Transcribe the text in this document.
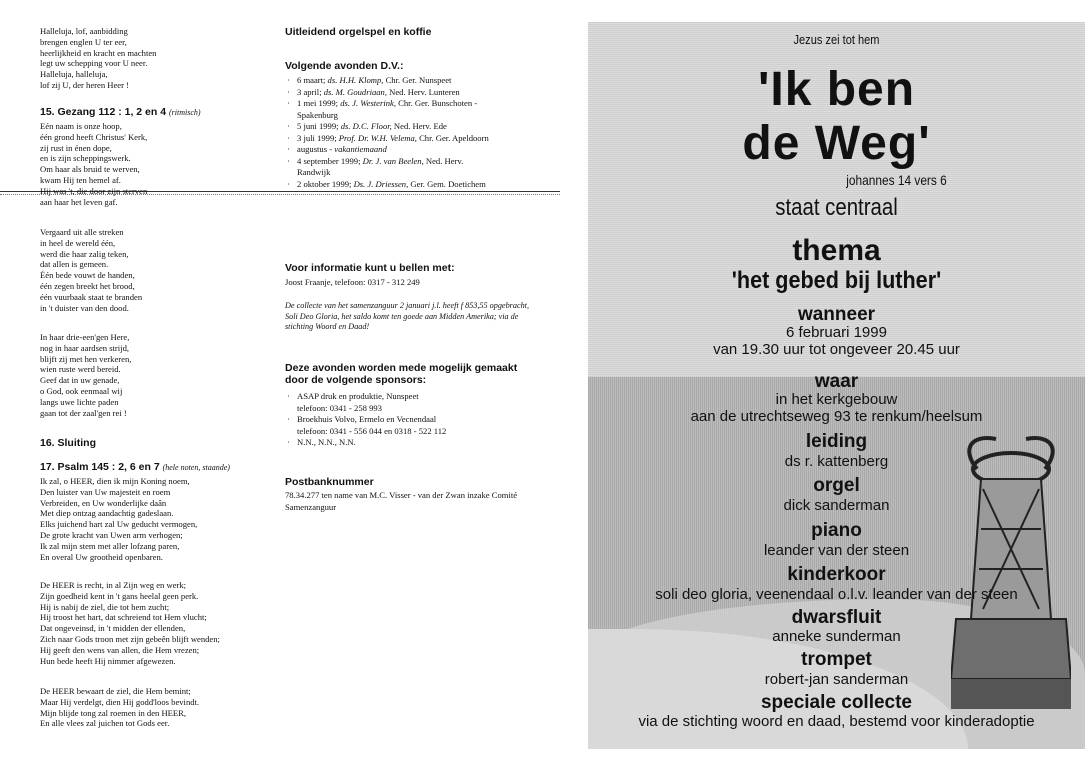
Halleluja, lof, aanbidding
brengen englen U ter eer,
heerlijkheid en kracht en machten
legt uw schepping voor U neer.
Halleluja, halleluja,
lof zij U, der heren Heer !

15. Gezang 112 : 1, 2 en 4 (ritmisch)

Eén naam is onze hoop,
één grond heeft Christus' Kerk,
zij rust in énen dope,
en is zijn scheppingswerk.
Om haar als bruid te werven,
kwam Hij ten hemel af.
Hij was 't, die door zijn sterven
aan haar het leven gaf.

Vergaard uit alle streken
in heel de wereld één,
werd die haar zalig teken,
dat allen is gemeen.
Één bede vouwt de handen,
één zegen breekt het brood,
één vuurbaak staat te branden
in 't duister van den dood.

In haar drie-een'gen Here,
nog in haar aardsen strijd,
blijft zij met hen verkeren,
wien ruste werd bereid.
Geef dat in uw genade,
o God, ook eenmaal wij
langs uwe lichte paden
gaan tot der zaal'gen rei !

16. Sluiting

17. Psalm 145 : 2, 6 en 7 (hele noten, staande)

Ik zal, o HEER, dien ik mijn Koning noem,
Den luister van Uw majesteit en roem
Verbreiden, en Uw wonderlijke daân
Met diep ontzag aandachtig gadeslaan.
Elks juichend hart zal Uw geducht vermogen,
De grote kracht van Uwen arm verhogen;
Ik zal mijn stem met aller lofzang paren,
En overal Uw grootheid openbaren.

De HEER is recht, in al Zijn weg en werk;
Zijn goedheid kent in 't gans heelal geen perk.
Hij is nabij de ziel, die tot hem zucht;
Hij troost het hart, dat schreiend tot Hem vlucht;
Dat ongeveinsd, in 't midden der ellenden,
Zich naar Gods troon met zijn gebeên blijft wenden;
Hij geeft den wens van allen, die Hem vrezen;
Hun bede heeft Hij nimmer afgewezen.

De HEER bewaart de ziel, die Hem bemint;
Maar Hij verdelgt, dien Hij godd'loos bevindt.
Mijn blijde tong zal roemen in den HEER,
En alle vlees zal juichen tot Gods eer.

Uitleidend orgelspel en koffie

Volgende avonden D.V.:

· 6 maart; ds. H.H. Klomp, Chr. Ger. Nunspeet
· 3 april; ds. M. Goudriaan, Ned. Herv. Lunteren
· 1 mei 1999; ds. J. Westerink, Chr. Ger. Bunschoten - Spakenburg
· 5 juni 1999; ds. D.C. Floor, Ned. Herv. Ede
· 3 juli 1999; Prof. Dr. W.H. Velema, Chr. Ger. Apeldoorn
· augustus - vakantiemaand
· 4 september 1999; Dr. J. van Beelen, Ned. Herv. Randwijk
· 2 oktober 1999; Ds. J. Driessen, Ger. Gem. Doetichem

Voor informatie kunt u bellen met:

Joost Fraanje, telefoon: 0317 - 312 249

De collecte van het samenzanguur 2 januari j.l. heeft f 853,55 opgebracht, Soli Deo Gloria, het saldo komt ten goede aan Midden Amerika; via de stichting Woord en Daad!

Deze avonden worden mede mogelijk gemaakt door de volgende sponsors:

· ASAP druk en produktie, Nunspeet
telefoon: 0341 - 258 993
· Broekhuis Volvo, Ermelo en Vecnendaal
telefoon: 0341 - 556 044 en 0318 - 522 112
· N.N., N.N., N.N.

Postbanknummer

78.34.277 ten name van M.C. Visser - van der Zwan inzake Comité Samenzanguur

Jezus zei tot hem
'Ik ben
de Weg'
johannes 14 vers 6
staat centraal
thema
'het gebed bij luther'
wanneer
6 februari 1999
van 19.30 uur tot ongeveer 20.45 uur
waar
in het kerkgebouw
aan de utrechtseweg 93 te renkum/heelsum
leiding
ds r. kattenberg
orgel
dick sanderman
piano
leander van der steen
kinderkoor
soli deo gloria, veenendaal o.l.v. leander van der steen
dwarsfluit
anneke sunderman
trompet
robert-jan sanderman
speciale collecte
via de stichting woord en daad, bestemd voor kinderadoptie
